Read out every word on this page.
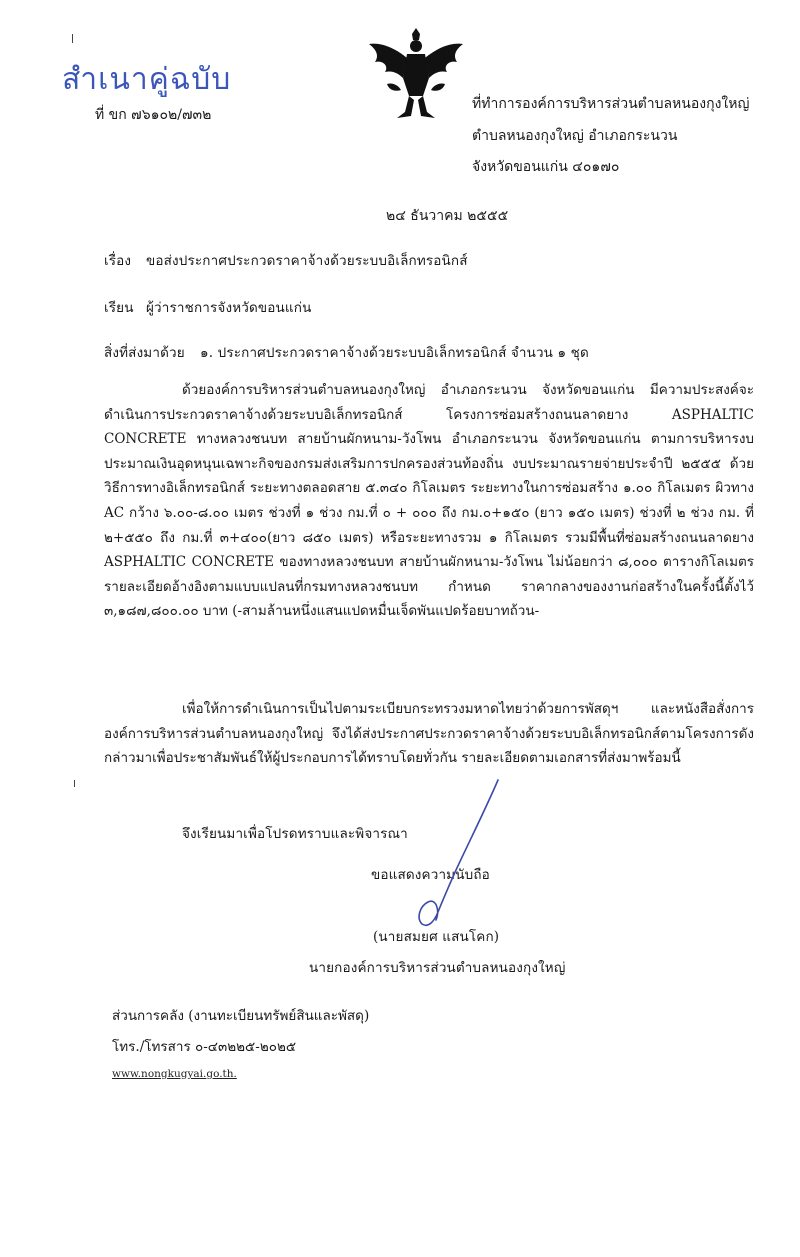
สำเนาคู่ฉบับ
ที่ ขก ๗๖๑๐๒/๗๓๒
ที่ทำการองค์การบริหารส่วนตำบลหนองกุงใหญ่
ตำบลหนองกุงใหญ่ อำเภอกระนวน
จังหวัดขอนแก่น ๔๐๑๗๐
๒๔ ธันวาคม ๒๕๕๕
เรื่อง ขอส่งประกาศประกวดราคาจ้างด้วยระบบอิเล็กทรอนิกส์
เรียน ผู้ว่าราชการจังหวัดขอนแก่น
สิ่งที่ส่งมาด้วย ๑. ประกาศประกวดราคาจ้างด้วยระบบอิเล็กทรอนิกส์ จำนวน ๑ ชุด

ด้วยองค์การบริหารส่วนตำบลหนองกุงใหญ่ อำเภอกระนวน จังหวัดขอนแก่น มีความประสงค์จะดำเนินการประกวดราคาจ้างด้วยระบบอิเล็กทรอนิกส์ โครงการซ่อมสร้างถนนลาดยาง ASPHALTIC CONCRETE ทางหลวงชนบท สายบ้านผักหนาม-วังโพน อำเภอกระนวน จังหวัดขอนแก่น ตามการบริหารงบประมาณเงินอุดหนุนเฉพาะกิจของกรมส่งเสริมการปกครองส่วนท้องถิ่น งบประมาณรายจ่ายประจำปี ๒๕๕๕ ด้วยวิธีการทางอิเล็กทรอนิกส์ ระยะทางตลอดสาย ๕.๓๔๐ กิโลเมตร ระยะทางในการซ่อมสร้าง ๑.๐๐ กิโลเมตร ผิวทาง AC กว้าง ๖.๐๐-๘.๐๐ เมตร ช่วงที่ ๑ ช่วง กม.ที่ ๐ + ๐๐๐ ถึง กม.๐+๑๕๐ (ยาว ๑๕๐ เมตร) ช่วงที่ ๒ ช่วง กม. ที่ ๒+๕๕๐ ถึง กม.ที่ ๓+๔๐๐(ยาว ๘๕๐ เมตร) หรือระยะทางรวม ๑ กิโลเมตร รวมมีพื้นที่ซ่อมสร้างถนนลาดยาง ASPHALTIC CONCRETE ของทางหลวงชนบท สายบ้านผักหนาม-วังโพน ไม่น้อยกว่า ๘,๐๐๐ ตารางกิโลเมตร รายละเอียดอ้างอิงตามแบบแปลนที่กรมทางหลวงชนบท กำหนด ราคากลางของงานก่อสร้างในครั้งนี้ตั้งไว้ ๓,๑๘๗,๘๐๐.๐๐ บาท (-สามล้านหนึ่งแสนแปดหมื่นเจ็ดพันแปดร้อยบาทถ้วน-

เพื่อให้การดำเนินการเป็นไปตามระเบียบกระทรวงมหาดไทยว่าด้วยการพัสดุฯ และหนังสือสั่งการองค์การบริหารส่วนตำบลหนองกุงใหญ่ จึงได้ส่งประกาศประกวดราคาจ้างด้วยระบบอิเล็กทรอนิกส์ตามโครงการดังกล่าวมาเพื่อประชาสัมพันธ์ให้ผู้ประกอบการได้ทราบโดยทั่วกัน รายละเอียดตามเอกสารที่ส่งมาพร้อมนี้

จึงเรียนมาเพื่อโปรดทราบและพิจารณา
ขอแสดงความนับถือ
(นายสมยศ แสนโคก)
นายกองค์การบริหารส่วนตำบลหนองกุงใหญ่
ส่วนการคลัง (งานทะเบียนทรัพย์สินและพัสดุ)
โทร./โทรสาร ๐-๔๓๒๒๕-๒๐๒๕
www.nongkugyai.go.th.
